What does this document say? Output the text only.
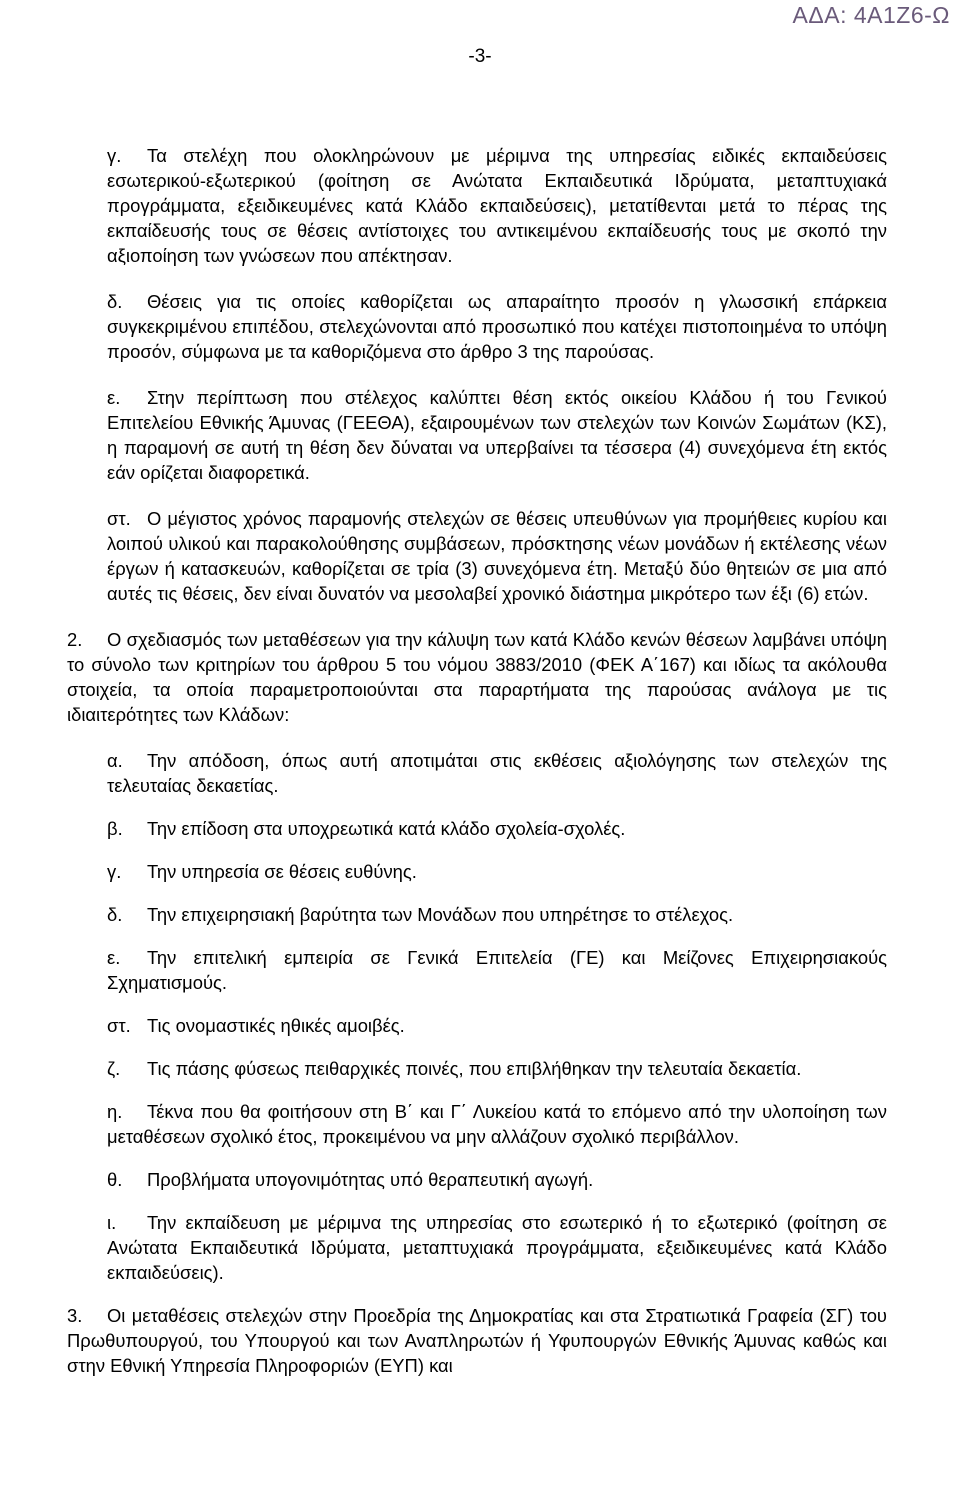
ΑΔΑ: 4Α1Ζ6-Ω
-3-

γ. Τα στελέχη που ολοκληρώνουν με μέριμνα της υπηρεσίας ειδικές εκπαιδεύσεις εσωτερικού-εξωτερικού (φοίτηση σε Ανώτατα Εκπαιδευτικά Ιδρύματα, μεταπτυχιακά προγράμματα, εξειδικευμένες κατά Κλάδο εκπαιδεύσεις), μετατίθενται μετά το πέρας της εκπαίδευσής τους σε θέσεις αντίστοιχες του αντικειμένου εκπαίδευσής τους με σκοπό την αξιοποίηση των γνώσεων που απέκτησαν.

δ. Θέσεις για τις οποίες καθορίζεται ως απαραίτητο προσόν η γλωσσική επάρκεια συγκεκριμένου επιπέδου, στελεχώνονται από προσωπικό που κατέχει πιστοποιημένα το υπόψη προσόν, σύμφωνα με τα καθοριζόμενα στο άρθρο 3 της παρούσας.

ε. Στην περίπτωση που στέλεχος καλύπτει θέση εκτός οικείου Κλάδου ή του Γενικού Επιτελείου Εθνικής Άμυνας (ΓΕΕΘΑ), εξαιρουμένων των στελεχών των Κοινών Σωμάτων (ΚΣ), η παραμονή σε αυτή τη θέση δεν δύναται να υπερβαίνει τα τέσσερα (4) συνεχόμενα έτη εκτός εάν ορίζεται διαφορετικά.

στ. Ο μέγιστος χρόνος παραμονής στελεχών σε θέσεις υπευθύνων για προμήθειες κυρίου και λοιπού υλικού και παρακολούθησης συμβάσεων, πρόσκτησης νέων μονάδων ή εκτέλεσης νέων έργων ή κατασκευών, καθορίζεται σε τρία (3) συνεχόμενα έτη. Μεταξύ δύο θητειών σε μια από αυτές τις θέσεις, δεν είναι δυνατόν να μεσολαβεί χρονικό διάστημα μικρότερο των έξι (6) ετών.

2. Ο σχεδιασμός των μεταθέσεων για την κάλυψη των κατά Κλάδο κενών θέσεων λαμβάνει υπόψη το σύνολο των κριτηρίων του άρθρου 5 του νόμου 3883/2010 (ΦΕΚ Α΄167) και ιδίως τα ακόλουθα στοιχεία, τα οποία παραμετροποιούνται στα παραρτήματα της παρούσας ανάλογα με τις ιδιαιτερότητες των Κλάδων:

α. Την απόδοση, όπως αυτή αποτιμάται στις εκθέσεις αξιολόγησης των στελεχών της τελευταίας δεκαετίας.

β. Την επίδοση στα υποχρεωτικά κατά κλάδο σχολεία-σχολές.

γ. Την υπηρεσία σε θέσεις ευθύνης.

δ. Την επιχειρησιακή βαρύτητα των Μονάδων που υπηρέτησε το στέλεχος.

ε. Την επιτελική εμπειρία σε Γενικά Επιτελεία (ΓΕ) και Μείζονες Επιχειρησιακούς Σχηματισμούς.

στ. Τις ονομαστικές ηθικές αμοιβές.

ζ. Τις πάσης φύσεως πειθαρχικές ποινές, που επιβλήθηκαν την τελευταία δεκαετία.

η. Τέκνα που θα φοιτήσουν στη Β΄ και Γ΄ Λυκείου κατά το επόμενο από την υλοποίηση των μεταθέσεων σχολικό έτος, προκειμένου να μην αλλάζουν σχολικό περιβάλλον.

θ. Προβλήματα υπογονιμότητας υπό θεραπευτική αγωγή.

ι. Την εκπαίδευση με μέριμνα της υπηρεσίας στο εσωτερικό ή το εξωτερικό (φοίτηση σε Ανώτατα Εκπαιδευτικά Ιδρύματα, μεταπτυχιακά προγράμματα, εξειδικευμένες κατά Κλάδο εκπαιδεύσεις).

3. Οι μεταθέσεις στελεχών στην Προεδρία της Δημοκρατίας και στα Στρατιωτικά Γραφεία (ΣΓ) του Πρωθυπουργού, του Υπουργού και των Αναπληρωτών ή Υφυπουργών Εθνικής Άμυνας καθώς και στην Εθνική Υπηρεσία Πληροφοριών (ΕΥΠ) και
